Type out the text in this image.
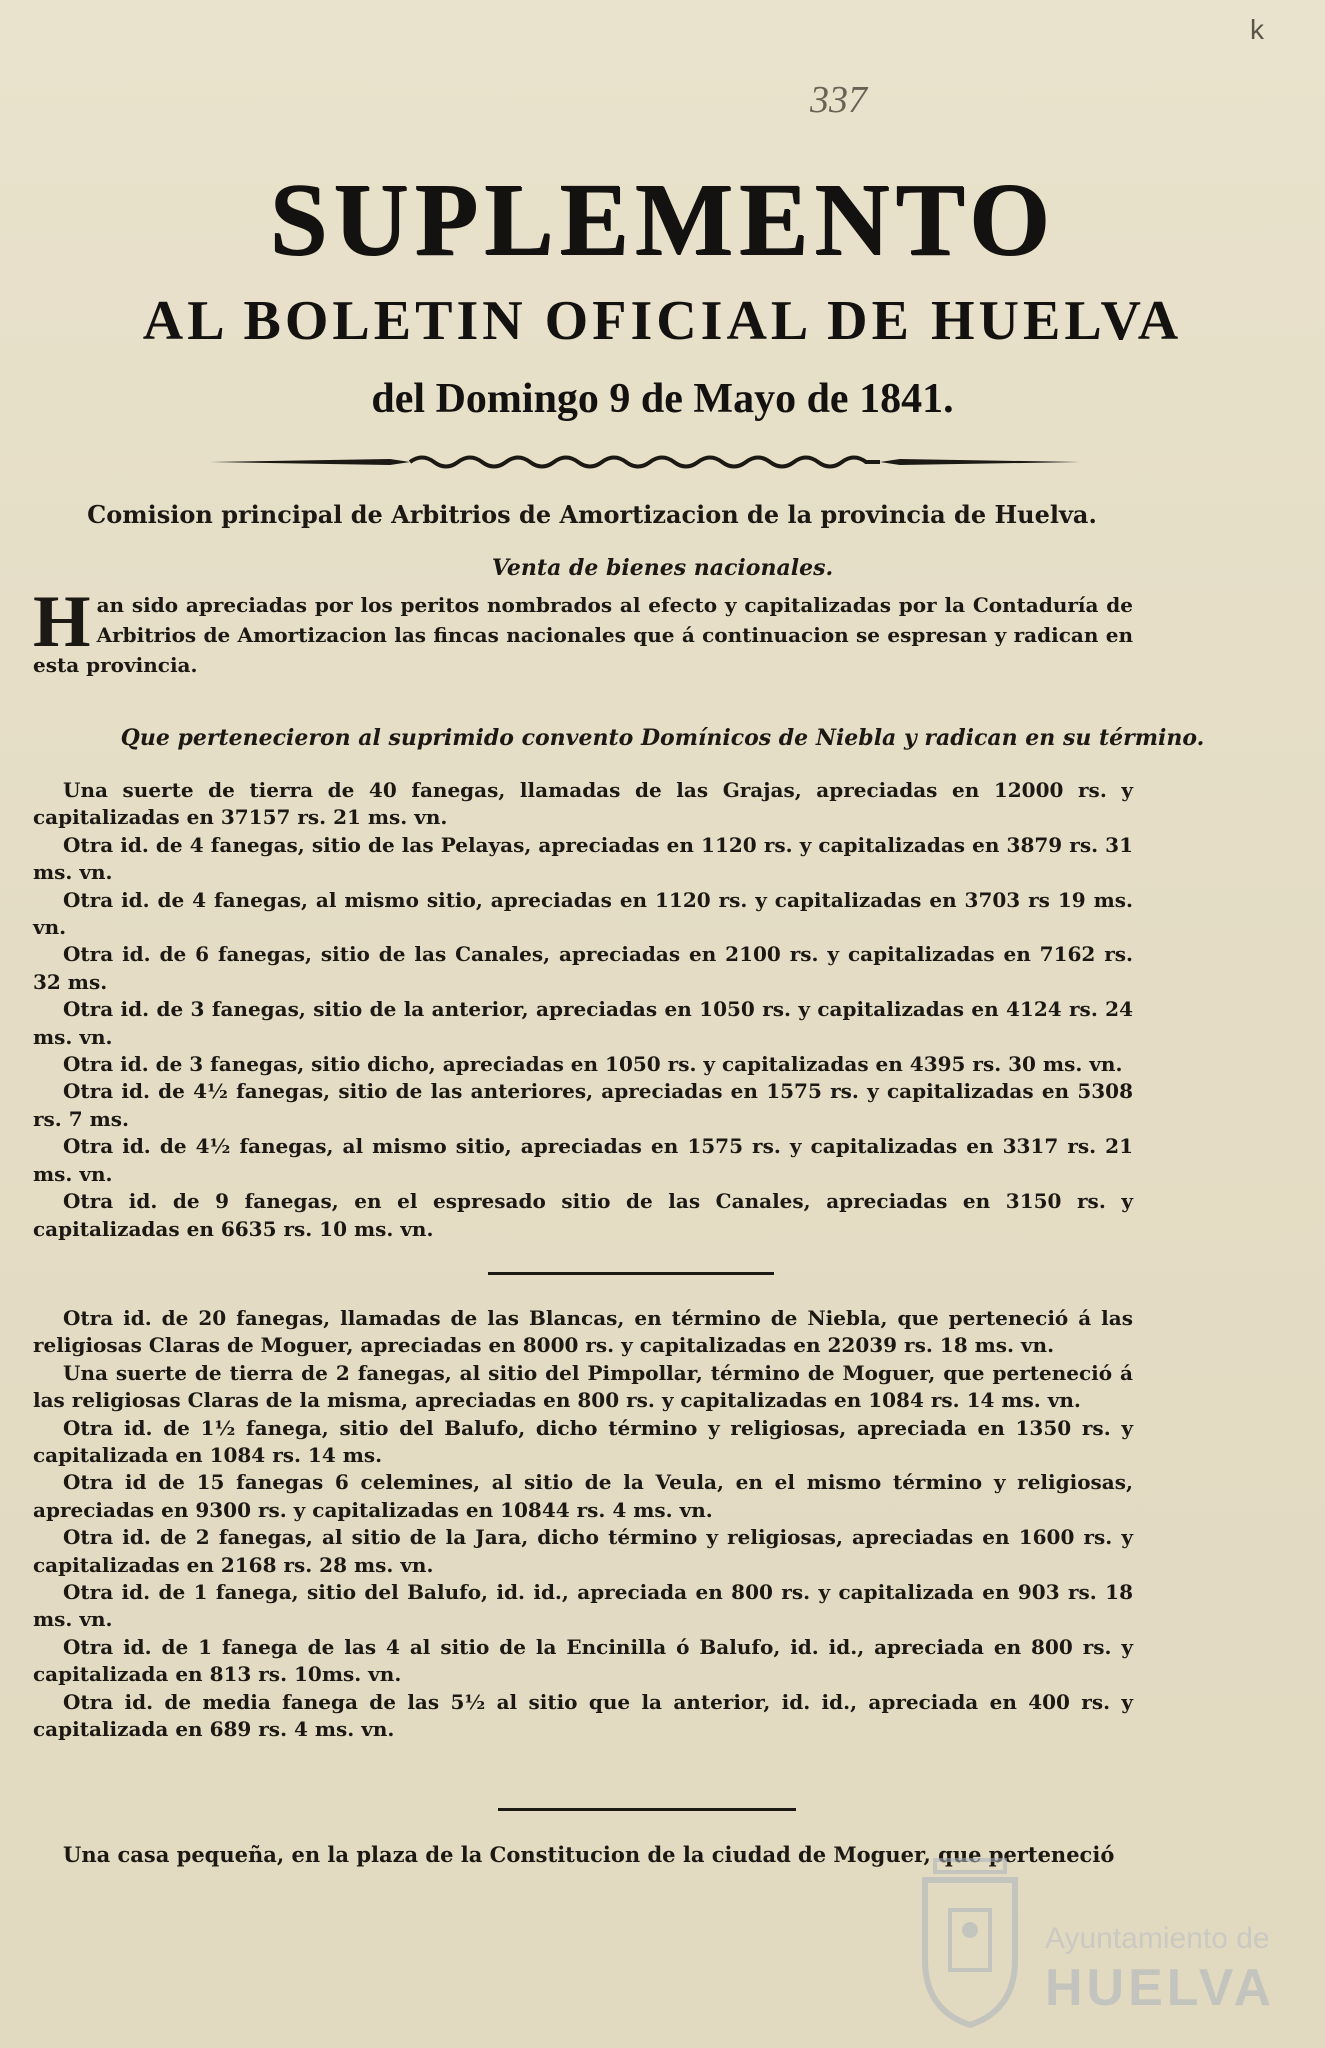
k
337
SUPLEMENTO
AL BOLETIN OFICIAL DE HUELVA
del Domingo 9 de Mayo de 1841.
Comision principal de Arbitrios de Amortizacion de la provincia de Huelva.
Venta de bienes nacionales.
Han sido apreciadas por los peritos nombrados al efecto y capitalizadas por la Contaduría de Arbitrios de Amortizacion las fincas nacionales que á continuacion se espresan y radican en esta provincia.
Que pertenecieron al suprimido convento Domínicos de Niebla y radican en su término.

Una suerte de tierra de 40 fanegas, llamadas de las Grajas, apreciadas en 12000 rs. y capitalizadas en 37157 rs. 21 ms. vn.

Otra id. de 4 fanegas, sitio de las Pelayas, apreciadas en 1120 rs. y capitalizadas en 3879 rs. 31 ms. vn.

Otra id. de 4 fanegas, al mismo sitio, apreciadas en 1120 rs. y capitalizadas en 3703 rs 19 ms. vn.

Otra id. de 6 fanegas, sitio de las Canales, apreciadas en 2100 rs. y capitalizadas en 7162 rs. 32 ms.

Otra id. de 3 fanegas, sitio de la anterior, apreciadas en 1050 rs. y capitalizadas en 4124 rs. 24 ms. vn.

Otra id. de 3 fanegas, sitio dicho, apreciadas en 1050 rs. y capitalizadas en 4395 rs. 30 ms. vn.

Otra id. de 4½ fanegas, sitio de las anteriores, apreciadas en 1575 rs. y capitalizadas en 5308 rs. 7 ms.

Otra id. de 4½ fanegas, al mismo sitio, apreciadas en 1575 rs. y capitalizadas en 3317 rs. 21 ms. vn.

Otra id. de 9 fanegas, en el espresado sitio de las Canales, apreciadas en 3150 rs. y capitalizadas en 6635 rs. 10 ms. vn.

Otra id. de 20 fanegas, llamadas de las Blancas, en término de Niebla, que perteneció á las religiosas Claras de Moguer, apreciadas en 8000 rs. y capitalizadas en 22039 rs. 18 ms. vn.

Una suerte de tierra de 2 fanegas, al sitio del Pimpollar, término de Moguer, que perteneció á las religiosas Claras de la misma, apreciadas en 800 rs. y capitalizadas en 1084 rs. 14 ms. vn.

Otra id. de 1½ fanega, sitio del Balufo, dicho término y religiosas, apreciada en 1350 rs. y capitalizada en 1084 rs. 14 ms.

Otra id de 15 fanegas 6 celemines, al sitio de la Veula, en el mismo término y religiosas, apreciadas en 9300 rs. y capitalizadas en 10844 rs. 4 ms. vn.

Otra id. de 2 fanegas, al sitio de la Jara, dicho término y religiosas, apreciadas en 1600 rs. y capitalizadas en 2168 rs. 28 ms. vn.

Otra id. de 1 fanega, sitio del Balufo, id. id., apreciada en 800 rs. y capitalizada en 903 rs. 18 ms. vn.

Otra id. de 1 fanega de las 4 al sitio de la Encinilla ó Balufo, id. id., apreciada en 800 rs. y capitalizada en 813 rs. 10ms. vn.

Otra id. de media fanega de las 5½ al sitio que la anterior, id. id., apreciada en 400 rs. y capitalizada en 689 rs. 4 ms. vn.

Una casa pequeña, en la plaza de la Constitucion de la ciudad de Moguer, que perteneció
Ayuntamiento de
HUELVA
